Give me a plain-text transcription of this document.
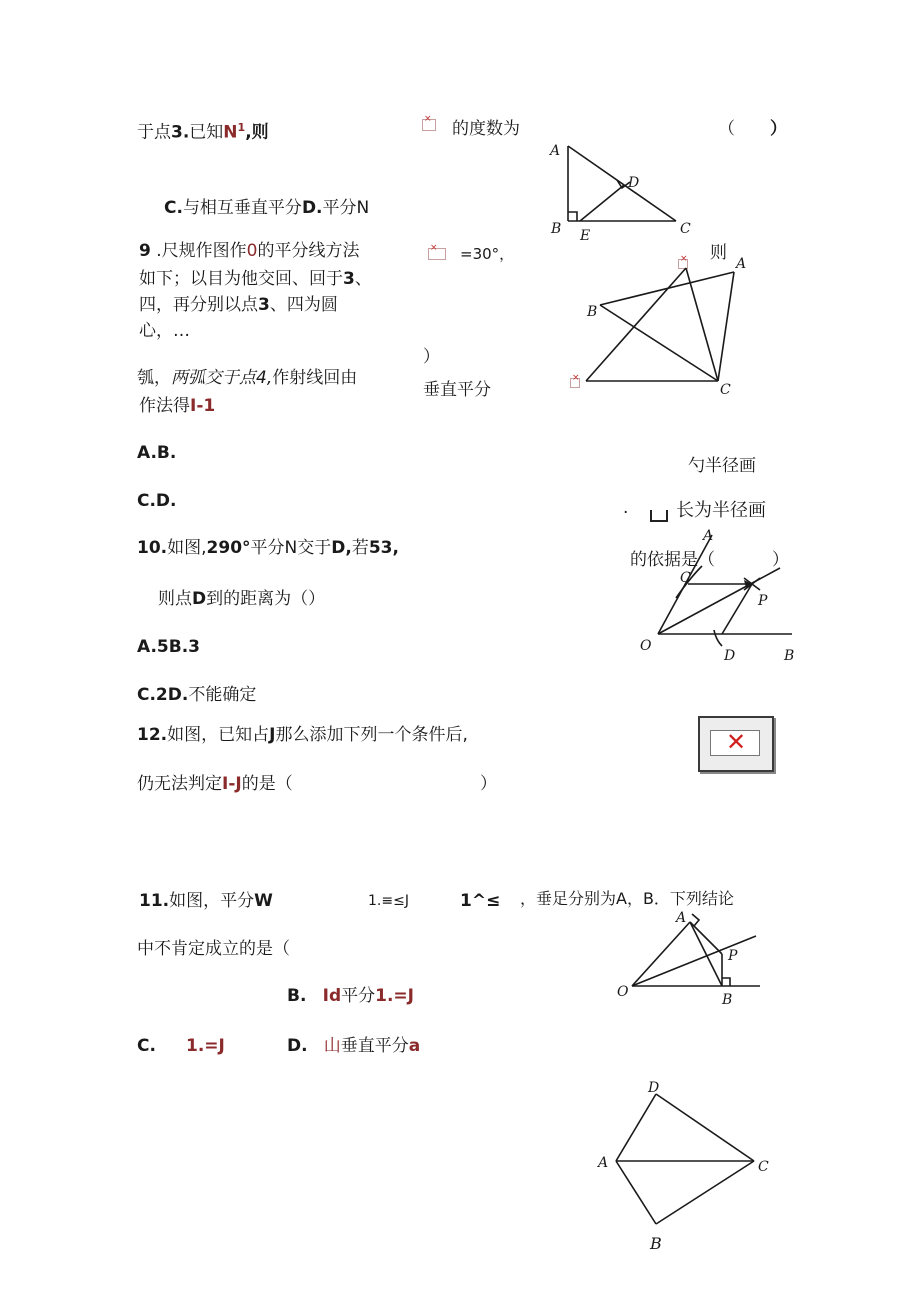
于点3.已知$N^1$,则
C.与相互垂直平分D.平分N
9 .尺规作图作0的平分线方法
如下；以目为他交回、回于3、
四，再分别以点3、四为圆
心，…
瓠，两弧交于点4,作射线回由
作法得I-1
A.B.
C.D.
10.如图,290°平分N交于D,若53,
则点D到的距离为（）
A.5B.3
C.2D.不能确定
12.如图，已知占J那么添加下列一个条件后,
仍无法判定I-J的是（	）
11.如图，平分W	1.≡≤J	1^≤ ，垂足分别为A，B．下列结论
中不肯定成立的是（
B. Id平分1.=J
C. 1.=J	D. 山垂直平分a
×
的度数为	（ ）
×
=30°，	则
）
垂直平分
×
勺半径画
长为半径画
·
的依据是（	）
×
✕
A
B E
D
C
A
B
C
A
C
P
O
D	B
A
P
O	B
D
A	C
B
